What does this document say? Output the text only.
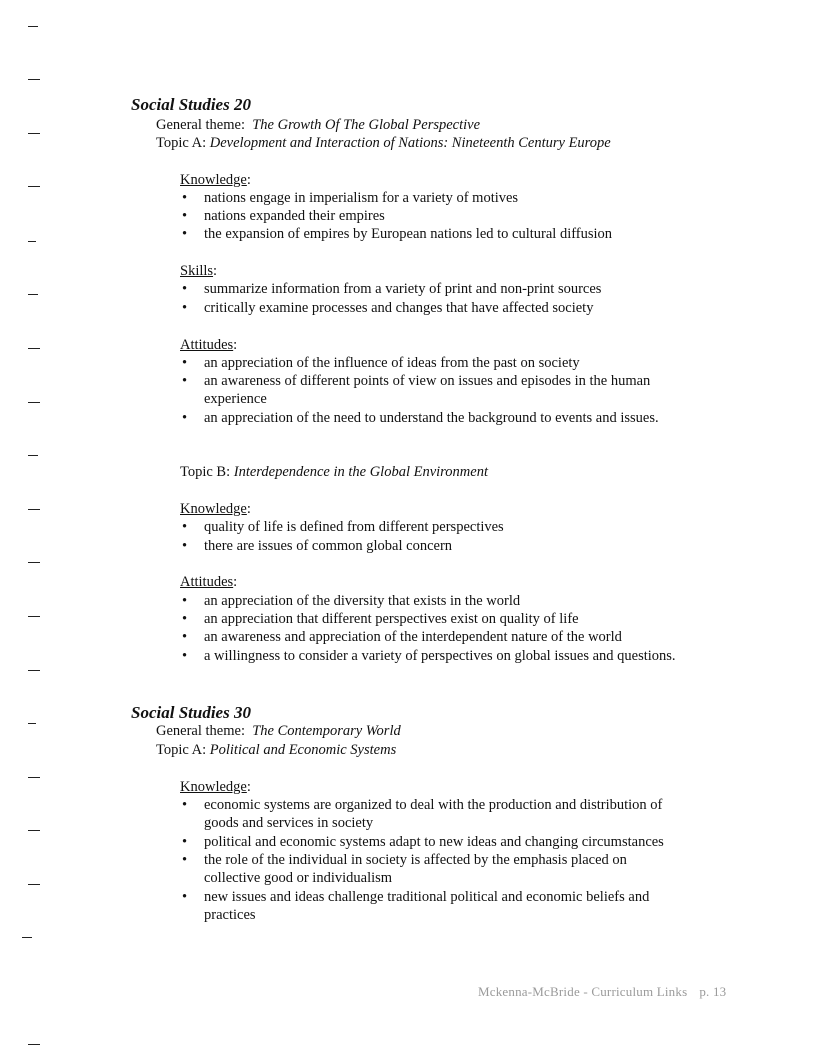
Social Studies 20
General theme: The Growth Of The Global Perspective
Topic A: Development and Interaction of Nations: Nineteenth Century Europe
Knowledge:
• nations engage in imperialism for a variety of motives
• nations expanded their empires
• the expansion of empires by European nations led to cultural diffusion
Skills:
• summarize information from a variety of print and non-print sources
• critically examine processes and changes that have affected society
Attitudes:
• an appreciation of the influence of ideas from the past on society
• an awareness of different points of view on issues and episodes in the human
experience
• an appreciation of the need to understand the background to events and issues.
Topic B: Interdependence in the Global Environment
Knowledge:
• quality of life is defined from different perspectives
• there are issues of common global concern
Attitudes:
• an appreciation of the diversity that exists in the world
• an appreciation that different perspectives exist on quality of life
• an awareness and appreciation of the interdependent nature of the world
• a willingness to consider a variety of perspectives on global issues and questions.
Social Studies 30
General theme: The Contemporary World
Topic A: Political and Economic Systems
Knowledge:
• economic systems are organized to deal with the production and distribution of
goods and services in society
• political and economic systems adapt to new ideas and changing circumstances
• the role of the individual in society is affected by the emphasis placed on
collective good or individualism
• new issues and ideas challenge traditional political and economic beliefs and
practices
Mckenna-McBride - Curriculum Links p. 13
